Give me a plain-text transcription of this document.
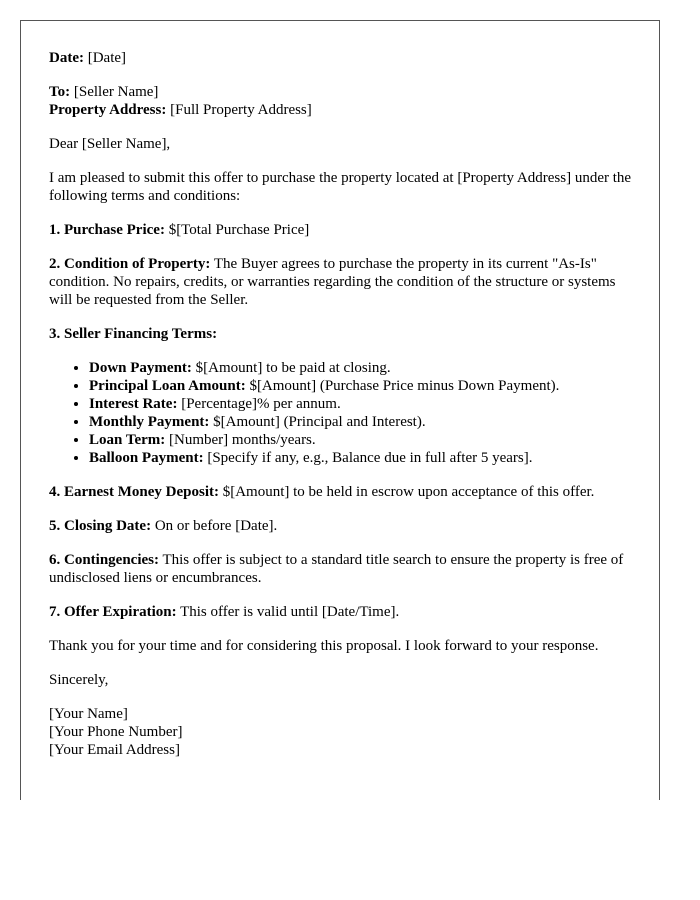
Date: [Date]

To: [Seller Name]
Property Address: [Full Property Address]

Dear [Seller Name],

I am pleased to submit this offer to purchase the property located at [Property Address] under the following terms and conditions:

1. Purchase Price: $[Total Purchase Price]

2. Condition of Property: The Buyer agrees to purchase the property in its current "As-Is" condition. No repairs, credits, or warranties regarding the condition of the structure or systems will be requested from the Seller.

3. Seller Financing Terms:

• Down Payment: $[Amount] to be paid at closing.
• Principal Loan Amount: $[Amount] (Purchase Price minus Down Payment).
• Interest Rate: [Percentage]% per annum.
• Monthly Payment: $[Amount] (Principal and Interest).
• Loan Term: [Number] months/years.
• Balloon Payment: [Specify if any, e.g., Balance due in full after 5 years].

4. Earnest Money Deposit: $[Amount] to be held in escrow upon acceptance of this offer.

5. Closing Date: On or before [Date].

6. Contingencies: This offer is subject to a standard title search to ensure the property is free of undisclosed liens or encumbrances.

7. Offer Expiration: This offer is valid until [Date/Time].

Thank you for your time and for considering this proposal. I look forward to your response.

Sincerely,

[Your Name]
[Your Phone Number]
[Your Email Address]
